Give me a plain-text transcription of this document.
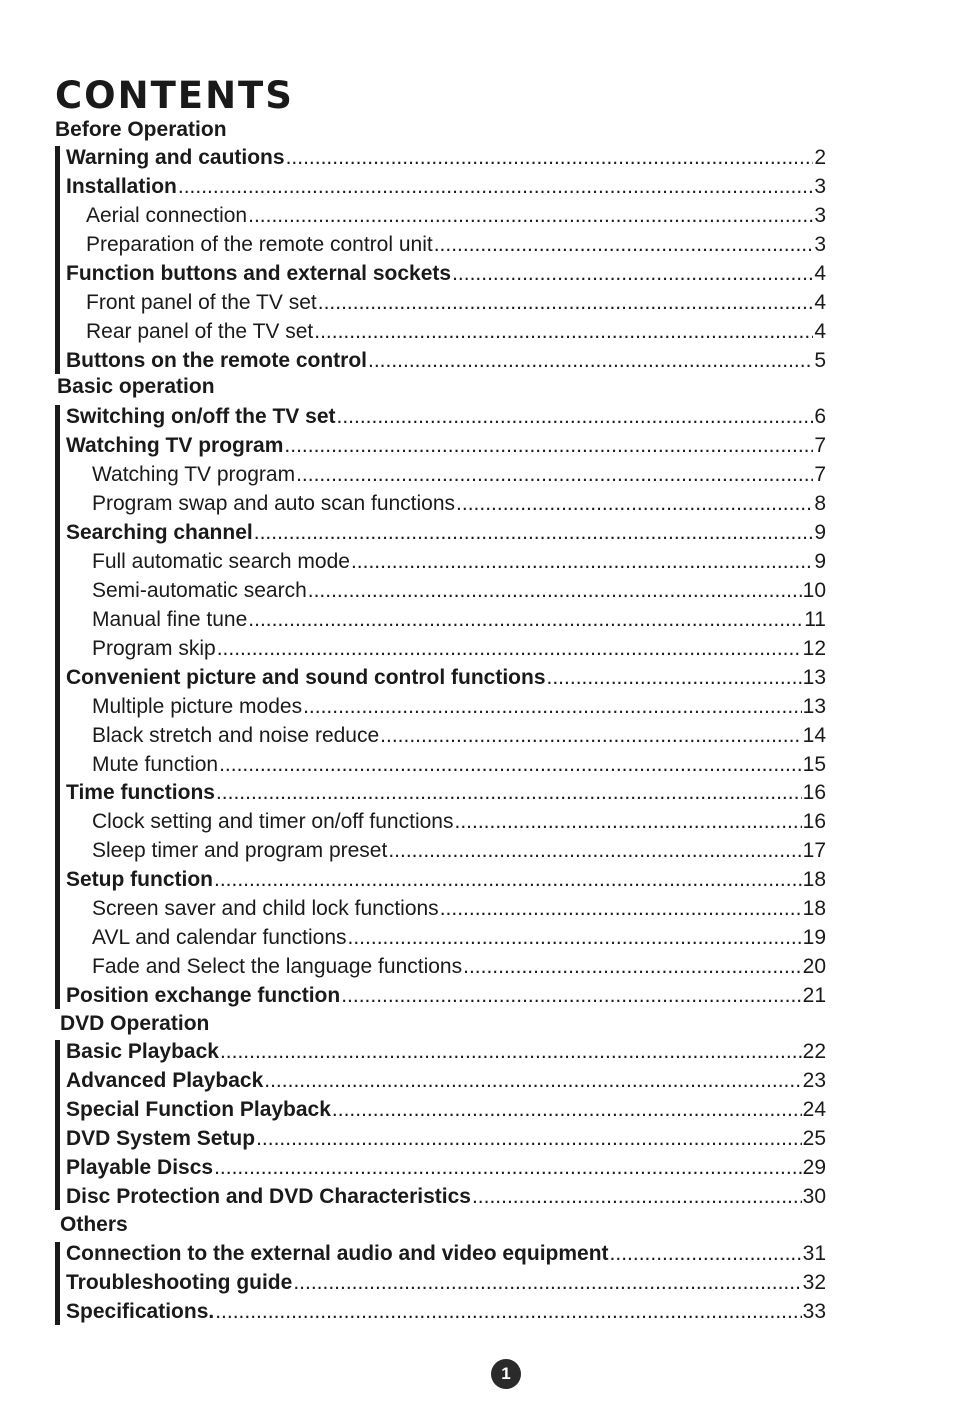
CONTENTS
Before Operation
Warning and cautions .....	2
Installation .....	3
Aerial connection .....	3
Preparation of the remote control unit .....	3
Function buttons and external sockets .....	4
Front panel of the TV set .....	4
Rear panel of the TV set .....	4
Buttons on the remote control .....	5
Basic operation
Switching on/off the TV set .....	6
Watching TV program .....	7
Watching TV program .....	7
Program swap and auto scan functions .....	8
Searching channel .....	9
Full automatic search mode .....	9
Semi-automatic search .....	10
Manual fine tune .....	11
Program skip .....	12
Convenient picture and sound control functions .....	13
Multiple picture modes .....	13
Black stretch and noise reduce .....	14
Mute function .....	15
Time functions .....	16
Clock setting and timer on/off functions .....	16
Sleep timer and program preset .....	17
Setup function .....	18
Screen saver and child lock functions .....	18
AVL and calendar functions .....	19
Fade and Select the language functions .....	20
Position exchange function .....	21
DVD Operation
Basic Playback .....	22
Advanced Playback .....	23
Special Function Playback .....	24
DVD System Setup .....	25
Playable Discs .....	29
Disc Protection and DVD Characteristics .....	30
Others
Connection to the external audio and video equipment .....	31
Troubleshooting guide .....	32
Specifications. .....	33
1
